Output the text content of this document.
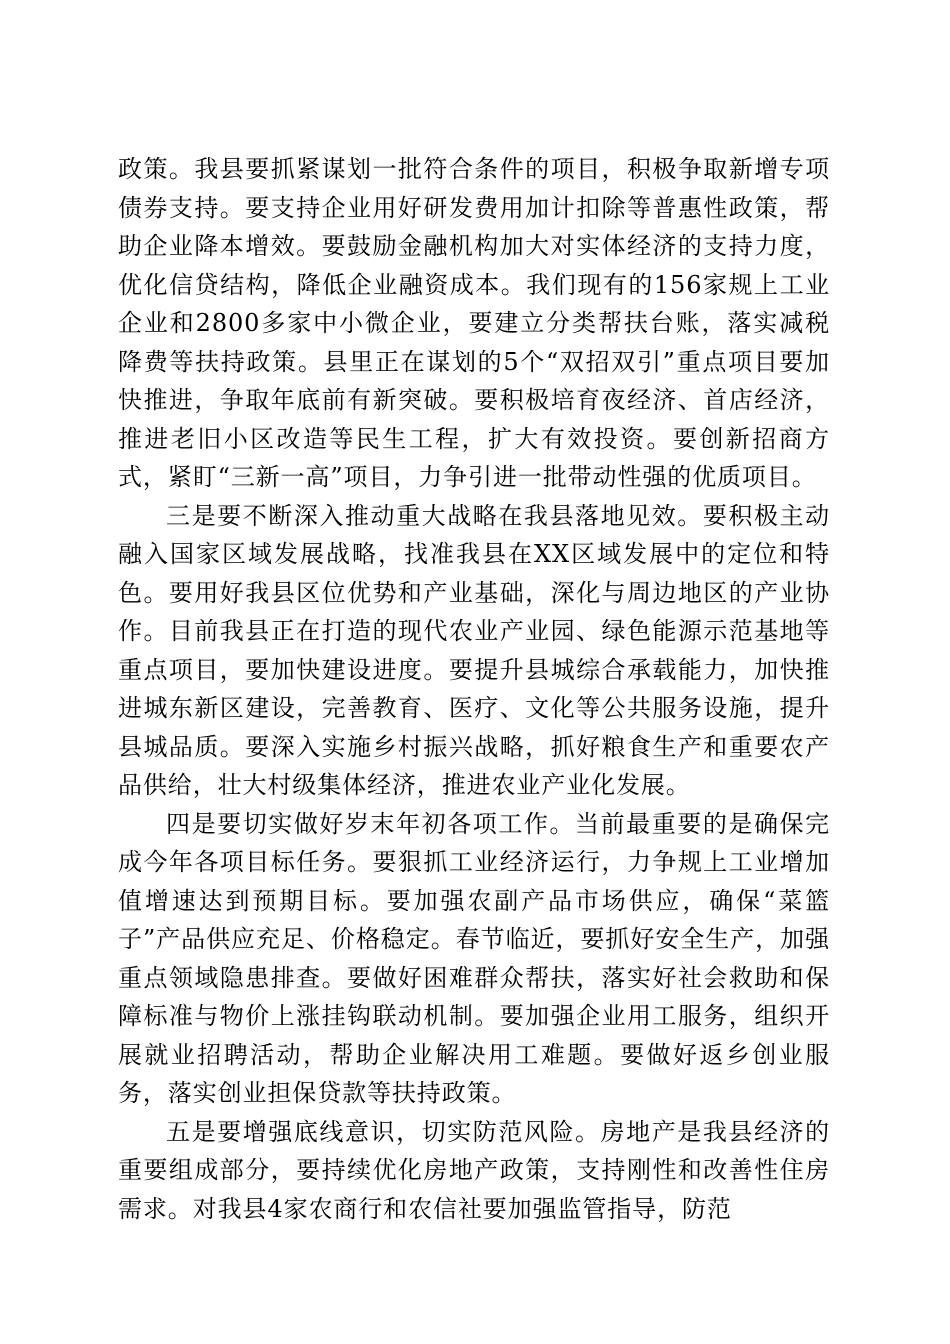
政策。我县要抓紧谋划一批符合条件的项目，积极争取新增专项债券支持。要支持企业用好研发费用加计扣除等普惠性政策，帮助企业降本增效。要鼓励金融机构加大对实体经济的支持力度，优化信贷结构，降低企业融资成本。我们现有的156家规上工业企业和2800多家中小微企业，要建立分类帮扶台账，落实减税降费等扶持政策。县里正在谋划的5个“双招双引”重点项目要加快推进，争取年底前有新突破。要积极培育夜经济、首店经济，推进老旧小区改造等民生工程，扩大有效投资。要创新招商方式，紧盯“三新一高”项目，力争引进一批带动性强的优质项目。

三是要不断深入推动重大战略在我县落地见效。要积极主动融入国家区域发展战略，找准我县在XX区域发展中的定位和特色。要用好我县区位优势和产业基础，深化与周边地区的产业协作。目前我县正在打造的现代农业产业园、绿色能源示范基地等重点项目，要加快建设进度。要提升县城综合承载能力，加快推进城东新区建设，完善教育、医疗、文化等公共服务设施，提升县城品质。要深入实施乡村振兴战略，抓好粮食生产和重要农产品供给，壮大村级集体经济，推进农业产业化发展。

四是要切实做好岁末年初各项工作。当前最重要的是确保完成今年各项目标任务。要狠抓工业经济运行，力争规上工业增加值增速达到预期目标。要加强农副产品市场供应，确保“菜篮子”产品供应充足、价格稳定。春节临近，要抓好安全生产，加强重点领域隐患排查。要做好困难群众帮扶，落实好社会救助和保障标准与物价上涨挂钩联动机制。要加强企业用工服务，组织开展就业招聘活动，帮助企业解决用工难题。要做好返乡创业服务，落实创业担保贷款等扶持政策。

五是要增强底线意识，切实防范风险。房地产是我县经济的重要组成部分，要持续优化房地产政策，支持刚性和改善性住房需求。对我县4家农商行和农信社要加强监管指导，防范
